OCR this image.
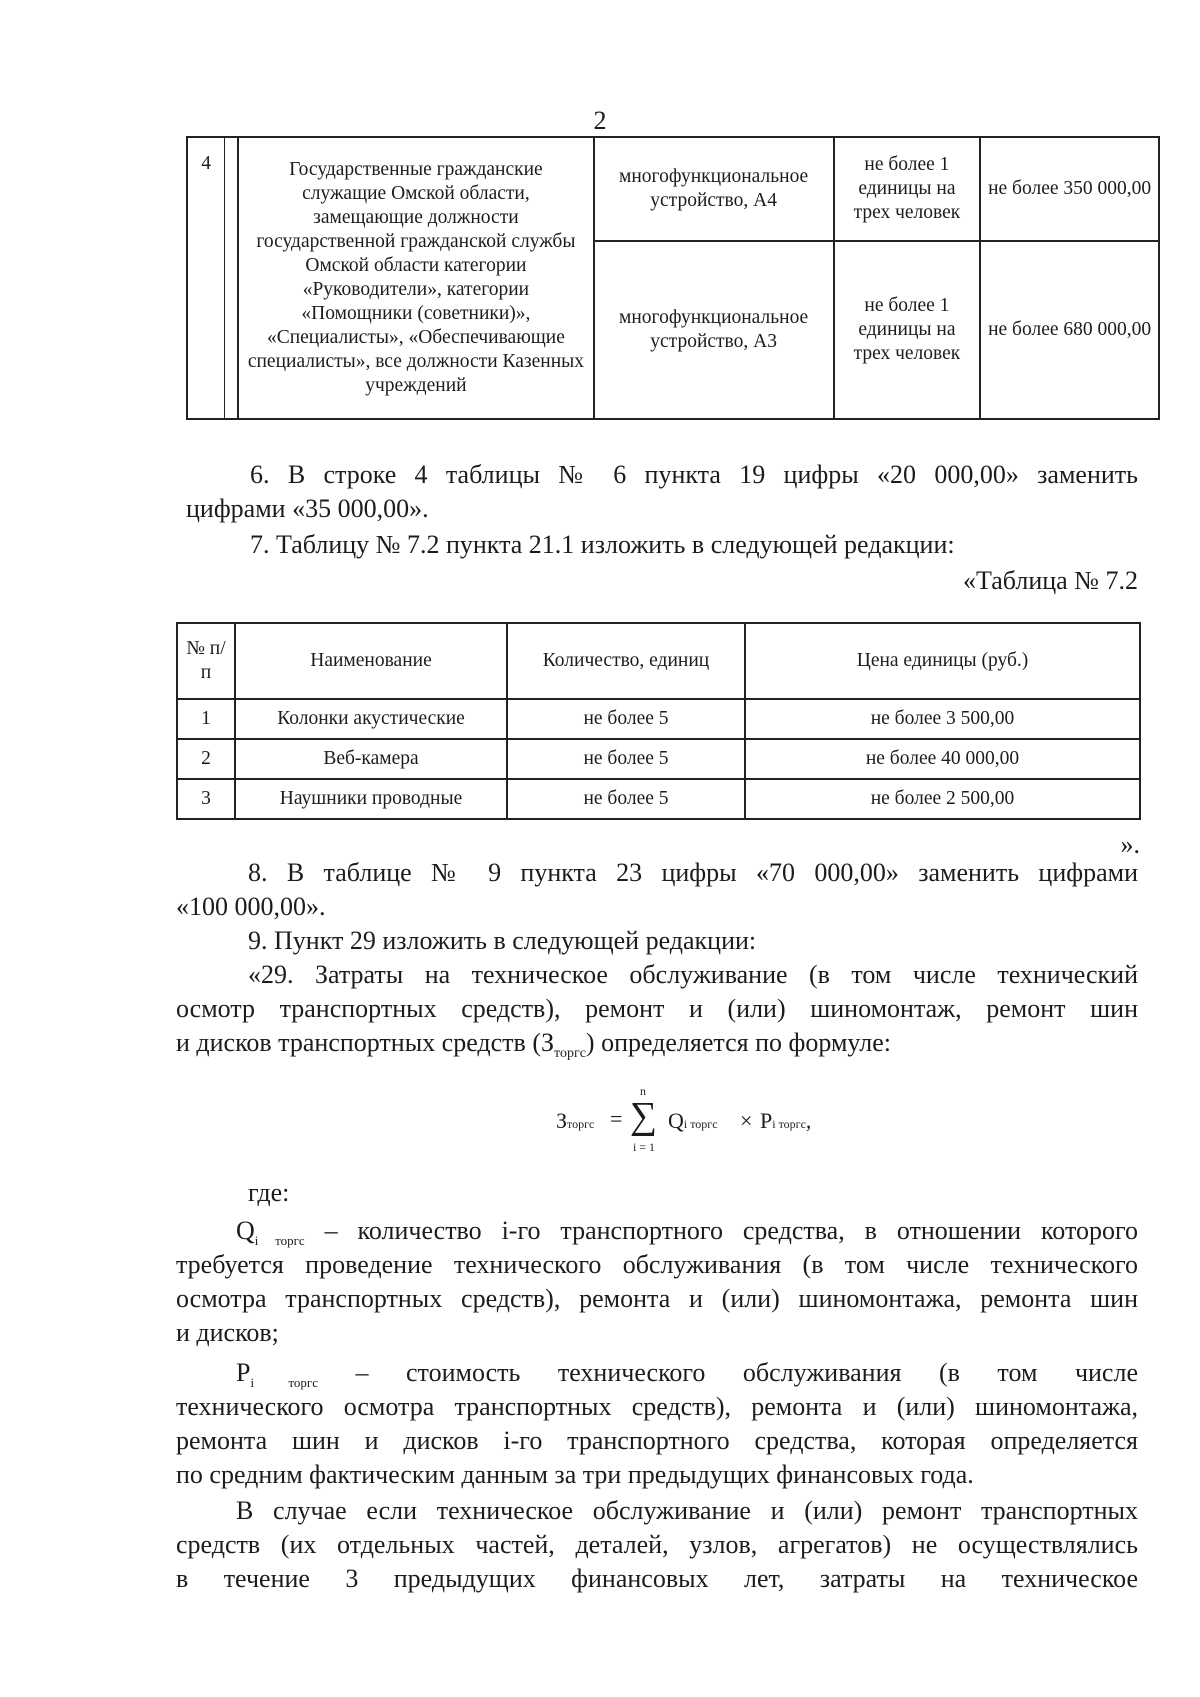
2
4		Государственные гражданские служащие Омской области, замещающие должности государственной гражданской службы Омской области категории «Руководители», категории «Помощники (советники)», «Специалисты», «Обеспечивающие специалисты», все должности Казенных учреждений	многофункциональное устройство, А4	не более 1 единицы на трех человек	не более 350 000,00
			многофункциональное устройство, А3	не более 1 единицы на трех человек	не более 680 000,00

6. В строке 4 таблицы № 6 пункта 19 цифры «20 000,00» заменить

цифрами «35 000,00».

7. Таблицу № 7.2 пункта 21.1 изложить в следующей редакции:

«Таблица № 7.2

№ п/п	Наименование	Количество, единиц	Цена единицы (руб.)
1	Колонки акустические	не более 5	не более 3 500,00
2	Веб-камера	не более 5	не более 40 000,00
3	Наушники проводные	не более 5	не более 2 500,00

».

8. В таблице № 9 пункта 23 цифры «70 000,00» заменить цифрами

«100 000,00».

9. Пункт 29 изложить в следующей редакции:

«29. Затраты на техническое обслуживание (в том числе технический

осмотр транспортных средств), ремонт и (или) шиномонтаж, ремонт шин

и дисков транспортных средств $(З_{торгс})$ определяется по формуле:

Зторгс =
n
∑
i = 1
Qi торгс × Pi торгс,

где:

$Q_{i торгс}$ – количество i-го транспортного средства, в отношении которого

требуется проведение технического обслуживания (в том числе технического

осмотра транспортных средств), ремонта и (или) шиномонтажа, ремонта шин

и дисков;

$P_{i торгс}$ – стоимость технического обслуживания (в том числе

технического осмотра транспортных средств), ремонта и (или) шиномонтажа,

ремонта шин и дисков i-го транспортного средства, которая определяется

по средним фактическим данным за три предыдущих финансовых года.

В случае если техническое обслуживание и (или) ремонт транспортных

средств (их отдельных частей, деталей, узлов, агрегатов) не осуществлялись

в течение 3 предыдущих финансовых лет, затраты на техническое
